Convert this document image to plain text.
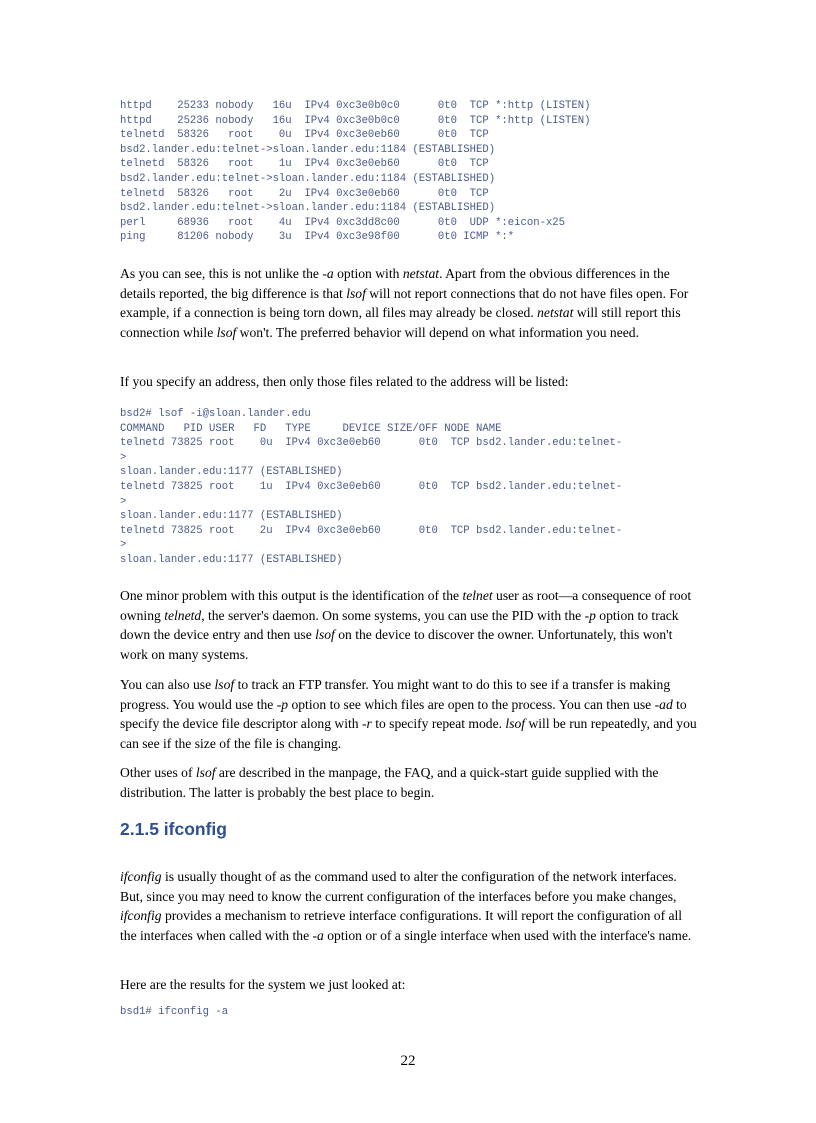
httpd    25233 nobody   16u  IPv4 0xc3e0b0c0      0t0  TCP *:http (LISTEN)
httpd    25236 nobody   16u  IPv4 0xc3e0b0c0      0t0  TCP *:http (LISTEN)
telnetd  58326   root    0u  IPv4 0xc3e0eb60      0t0  TCP
bsd2.lander.edu:telnet->sloan.lander.edu:1184 (ESTABLISHED)
telnetd  58326   root    1u  IPv4 0xc3e0eb60      0t0  TCP
bsd2.lander.edu:telnet->sloan.lander.edu:1184 (ESTABLISHED)
telnetd  58326   root    2u  IPv4 0xc3e0eb60      0t0  TCP
bsd2.lander.edu:telnet->sloan.lander.edu:1184 (ESTABLISHED)
perl     68936   root    4u  IPv4 0xc3dd8c00      0t0  UDP *:eicon-x25
ping     81206 nobody    3u  IPv4 0xc3e98f00      0t0 ICMP *:*

As you can see, this is not unlike the -a option with netstat. Apart from the obvious differences in the details reported, the big difference is that lsof will not report connections that do not have files open. For example, if a connection is being torn down, all files may already be closed. netstat will still report this connection while lsof won't. The preferred behavior will depend on what information you need.

If you specify an address, then only those files related to the address will be listed:

bsd2# lsof -i@sloan.lander.edu
COMMAND   PID USER   FD   TYPE     DEVICE SIZE/OFF NODE NAME
telnetd 73825 root    0u  IPv4 0xc3e0eb60      0t0  TCP bsd2.lander.edu:telnet-
>
sloan.lander.edu:1177 (ESTABLISHED)
telnetd 73825 root    1u  IPv4 0xc3e0eb60      0t0  TCP bsd2.lander.edu:telnet-
>
sloan.lander.edu:1177 (ESTABLISHED)
telnetd 73825 root    2u  IPv4 0xc3e0eb60      0t0  TCP bsd2.lander.edu:telnet-
>
sloan.lander.edu:1177 (ESTABLISHED)

One minor problem with this output is the identification of the telnet user as root—a consequence of root owning telnetd, the server's daemon. On some systems, you can use the PID with the -p option to track down the device entry and then use lsof on the device to discover the owner. Unfortunately, this won't work on many systems.

You can also use lsof to track an FTP transfer. You might want to do this to see if a transfer is making progress. You would use the -p option to see which files are open to the process. You can then use -ad to specify the device file descriptor along with -r to specify repeat mode. lsof will be run repeatedly, and you can see if the size of the file is changing.

Other uses of lsof are described in the manpage, the FAQ, and a quick-start guide supplied with the distribution. The latter is probably the best place to begin.

2.1.5 ifconfig

ifconfig is usually thought of as the command used to alter the configuration of the network interfaces. But, since you may need to know the current configuration of the interfaces before you make changes, ifconfig provides a mechanism to retrieve interface configurations. It will report the configuration of all the interfaces when called with the -a option or of a single interface when used with the interface's name.

Here are the results for the system we just looked at:

bsd1# ifconfig -a
22
